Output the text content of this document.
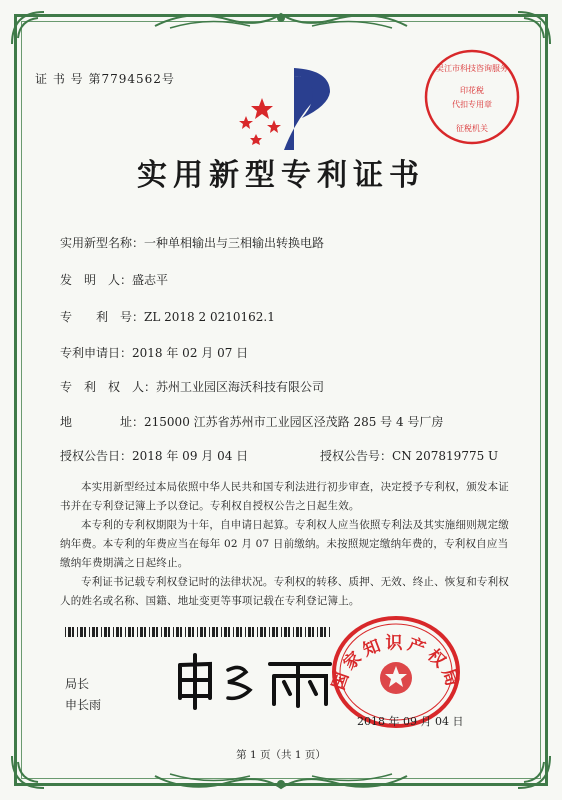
证 书 号 第7794562号
吴江市科技咨询服务
印花税
代扣专用章
征税机关
实用新型专利证书
实用新型名称：一种单相输出与三相输出转换电路
发　明　人：盛志平
专　　利　号：ZL 2018 2 0210162.1
专利申请日：2018 年 02 月 07 日
专　利　权　人：苏州工业园区海沃科技有限公司
地　　　　址：215000 江苏省苏州市工业园区泾茂路 285 号 4 号厂房
授权公告日：2018 年 09 月 04 日	授权公告号：CN 207819775 U

本实用新型经过本局依照中华人民共和国专利法进行初步审查，决定授予专利权，颁发本证书并在专利登记簿上予以登记。专利权自授权公告之日起生效。

本专利的专利权期限为十年，自申请日起算。专利权人应当依照专利法及其实施细则规定缴纳年费。本专利的年费应当在每年 02 月 07 日前缴纳。未按照规定缴纳年费的，专利权自应当缴纳年费期满之日起终止。

专利证书记载专利权登记时的法律状况。专利权的转移、质押、无效、终止、恢复和专利权人的姓名或名称、国籍、地址变更等事项记载在专利登记簿上。

局长
申长雨
国家知识产权局
2018 年 09 月 04 日
第 1 页（共 1 页）
